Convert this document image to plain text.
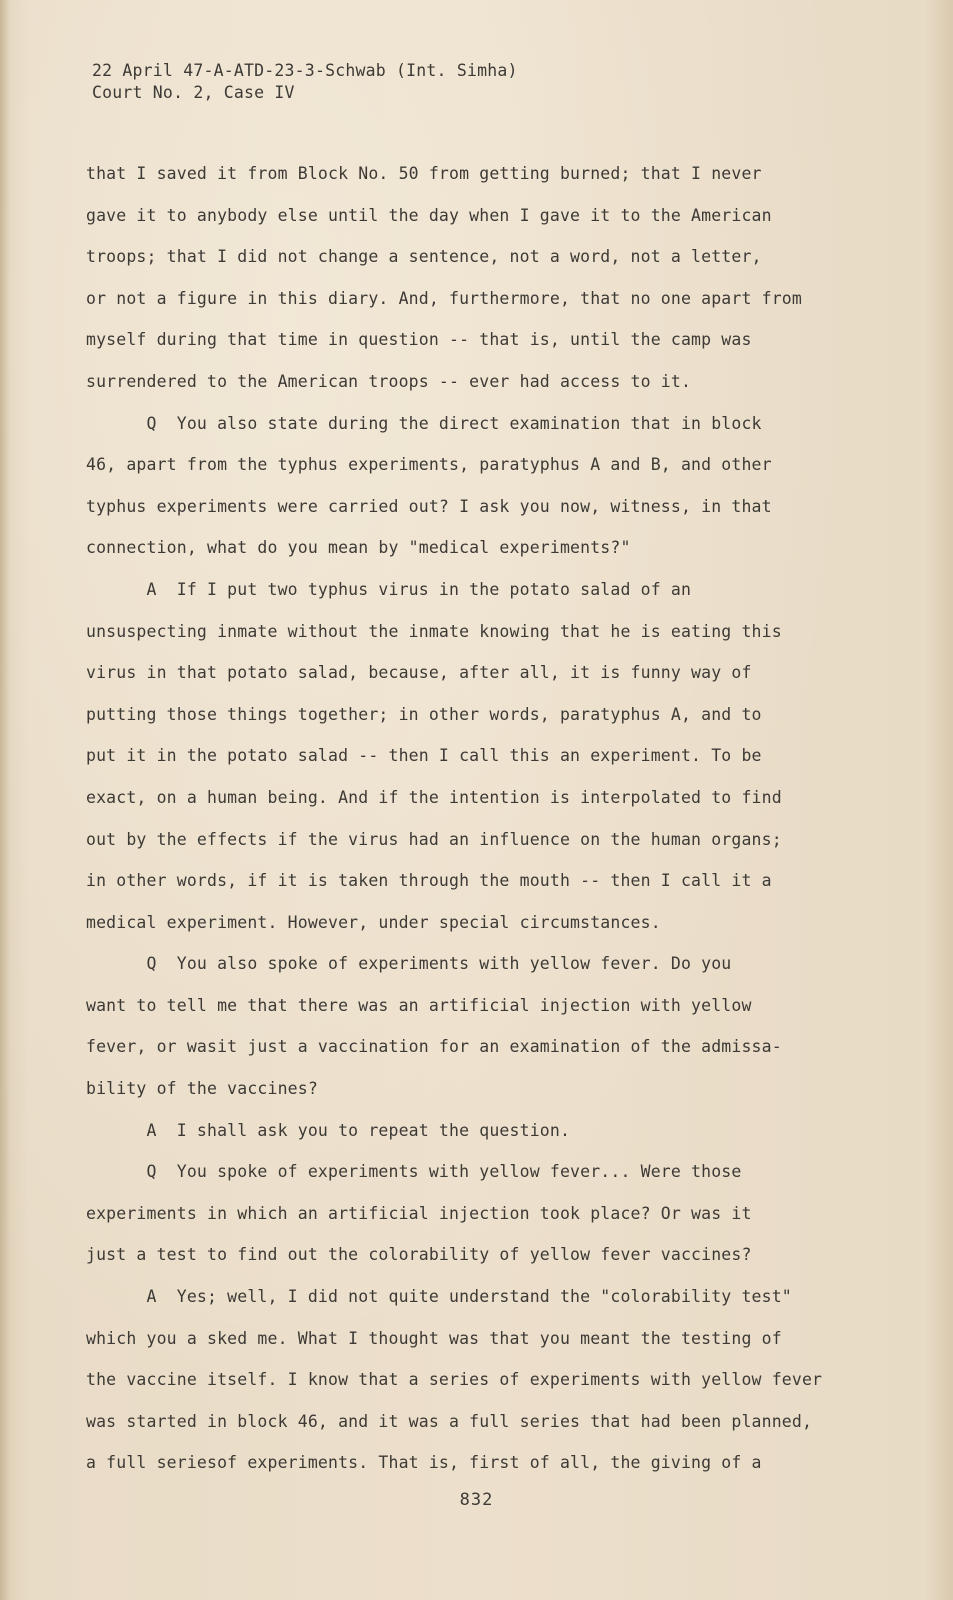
22 April 47-A-ATD-23-3-Schwab (Int. Simha)
Court No. 2, Case IV
that I saved it from Block No. 50 from getting burned; that I never
gave it to anybody else until the day when I gave it to the American
troops; that I did not change a sentence, not a word, not a letter,
or not a figure in this diary. And, furthermore, that no one apart from
myself during that time in question -- that is, until the camp was
surrendered to the American troops -- ever had access to it.
Q  You also state during the direct examination that in block
46, apart from the typhus experiments, paratyphus A and B, and other
typhus experiments were carried out? I ask you now, witness, in that
connection, what do you mean by "medical experiments?"
A  If I put two typhus virus in the potato salad of an
unsuspecting inmate without the inmate knowing that he is eating this
virus in that potato salad, because, after all, it is funny way of
putting those things together; in other words, paratyphus A, and to
put it in the potato salad -- then I call this an experiment. To be
exact, on a human being. And if the intention is interpolated to find
out by the effects if the virus had an influence on the human organs;
in other words, if it is taken through the mouth -- then I call it a
medical experiment. However, under special circumstances.
Q  You also spoke of experiments with yellow fever. Do you
want to tell me that there was an artificial injection with yellow
fever, or wasit just a vaccination for an examination of the admissa-
bility of the vaccines?
A  I shall ask you to repeat the question.
Q  You spoke of experiments with yellow fever... Were those
experiments in which an artificial injection took place? Or was it
just a test to find out the colorability of yellow fever vaccines?
A  Yes; well, I did not quite understand the "colorability test"
which you a sked me. What I thought was that you meant the testing of
the vaccine itself. I know that a series of experiments with yellow fever
was started in block 46, and it was a full series that had been planned,
a full seriesof experiments. That is, first of all, the giving of a
832
